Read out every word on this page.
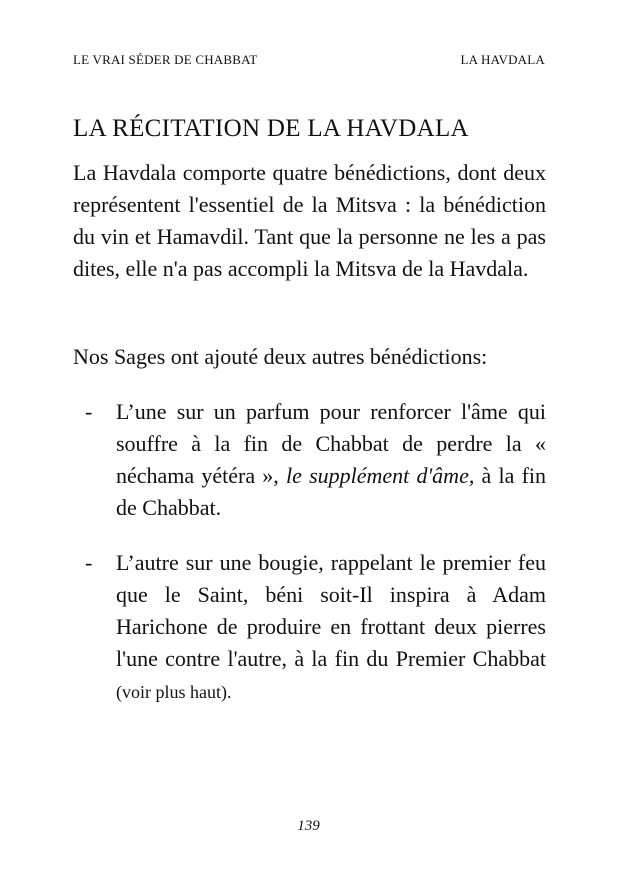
LE VRAI SÉDER DE CHABBAT	LA HAVDALA
LA RÉCITATION DE LA HAVDALA

La Havdala comporte quatre bénédictions, dont deux représentent l'essentiel de la Mitsva : la bénédiction du vin et Hamavdil. Tant que la personne ne les a pas dites, elle n'a pas accompli la Mitsva de la Havdala.

Nos Sages ont ajouté deux autres bénédictions:

- L’une sur un parfum pour renforcer l'âme qui souffre à la fin de Chabbat de perdre la « néchama yétéra », le supplément d'âme, à la fin de Chabbat.
- L’autre sur une bougie, rappelant le premier feu que le Saint, béni soit-Il inspira à Adam Harichone de produire en frottant deux pierres l'une contre l'autre, à la fin du Premier Chabbat (voir plus haut).
139
